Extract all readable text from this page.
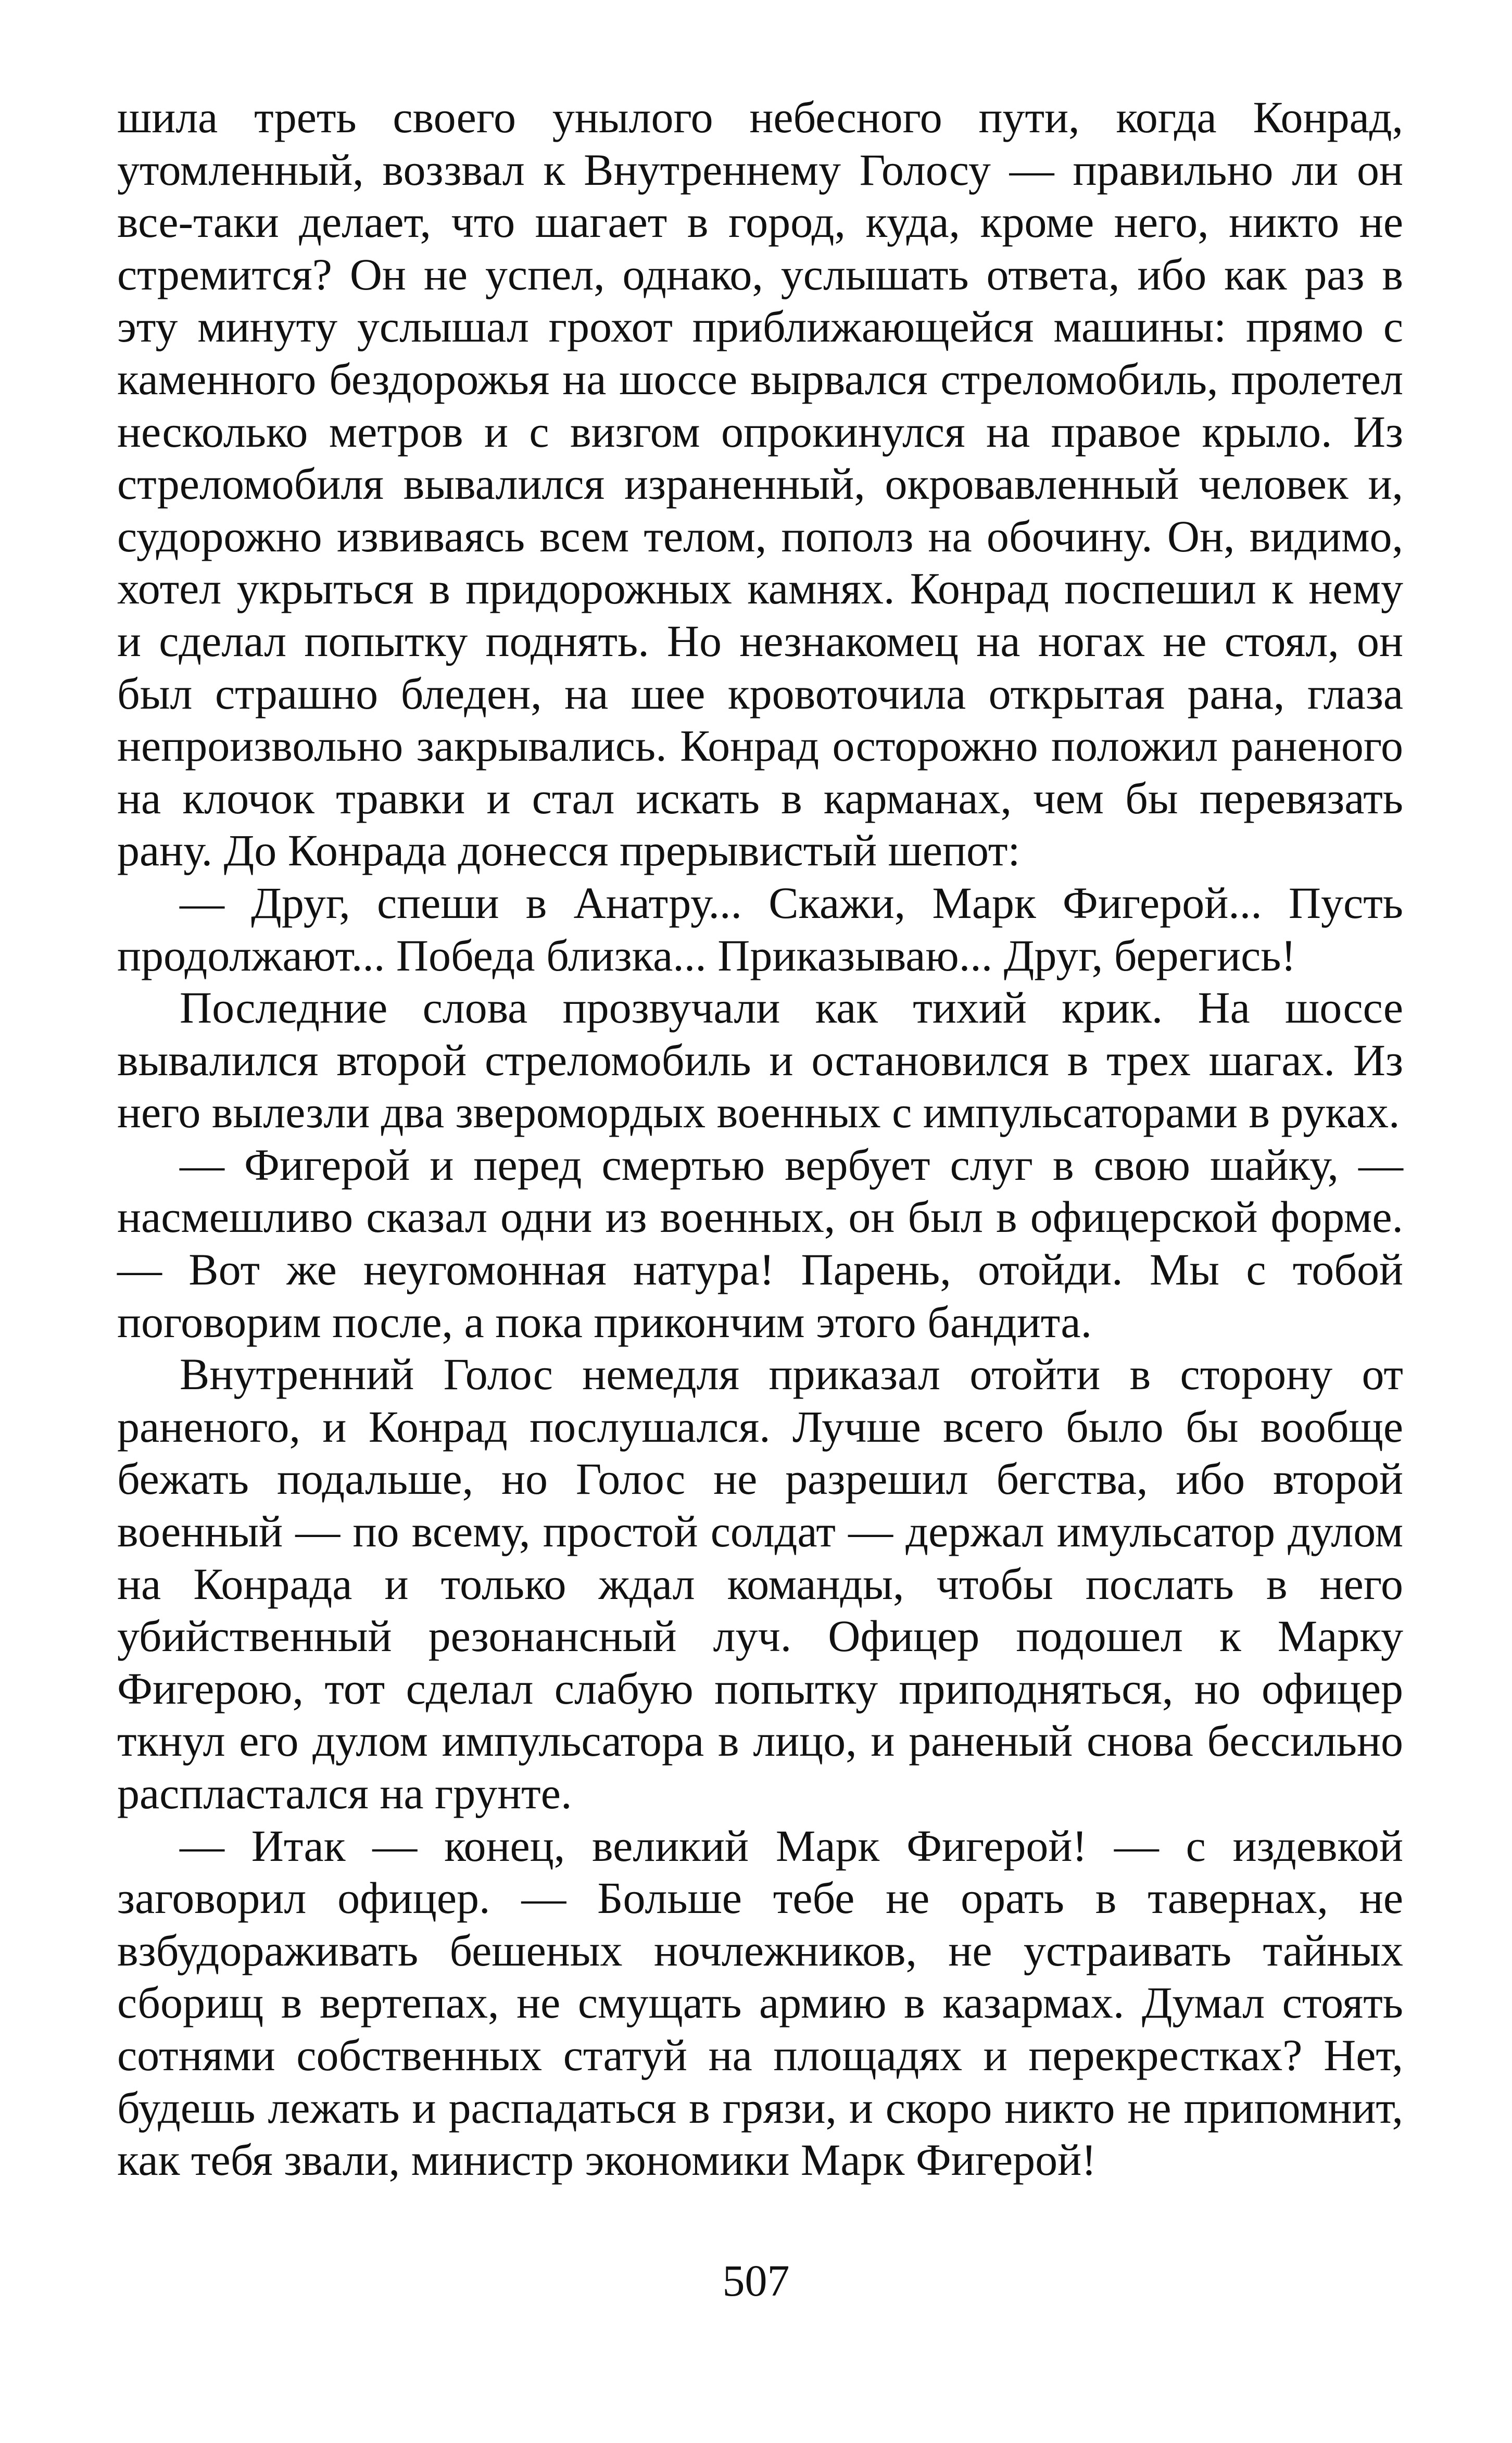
шила треть своего унылого небесного пути, когда Конрад, утомленный, воззвал к Внутреннему Голосу — правильно ли он все-таки делает, что шагает в город, куда, кроме него, никто не стремится? Он не успел, однако, услышать ответа, ибо как раз в эту минуту услышал грохот приближающейся машины: прямо с каменного бездорожья на шоссе вырвался стреломобиль, пролетел несколько метров и с визгом опрокинулся на правое крыло. Из стреломобиля вывалился израненный, окровавленный человек и, судорожно извиваясь всем телом, пополз на обочину. Он, видимо, хотел укрыться в придорожных камнях. Конрад поспешил к нему и сделал попытку поднять. Но незнакомец на ногах не стоял, он был страшно бледен, на шее кровоточила открытая рана, глаза непроизвольно закрывались. Конрад осторожно положил раненого на клочок травки и стал искать в карманах, чем бы перевязать рану. До Конрада донесся прерывистый шепот:

— Друг, спеши в Анатру... Скажи, Марк Фигерой... Пусть продолжают... Победа близка... Приказываю... Друг, берегись!

Последние слова прозвучали как тихий крик. На шоссе вывалился второй стреломобиль и остановился в трех шагах. Из него вылезли два зверомордых военных с импульсаторами в руках.

— Фигерой и перед смертью вербует слуг в свою шайку, — насмешливо сказал одни из военных, он был в офицерской форме. — Вот же неугомонная натура! Парень, отойди. Мы с тобой поговорим после, а пока прикончим этого бандита.

Внутренний Голос немедля приказал отойти в сторону от раненого, и Конрад послушался. Лучше всего было бы вообще бежать подальше, но Голос не разрешил бегства, ибо второй военный — по всему, простой солдат — держал имульсатор дулом на Конрада и только ждал команды, чтобы послать в него убийственный резонансный луч. Офицер подошел к Марку Фигерою, тот сделал слабую попытку приподняться, но офицер ткнул его дулом импульсатора в лицо, и раненый снова бессильно распластался на грунте.

— Итак — конец, великий Марк Фигерой! — с издевкой заговорил офицер. — Больше тебе не орать в тавернах, не взбудораживать бешеных ночлежников, не устраивать тайных сборищ в вертепах, не смущать армию в казармах. Думал стоять сотнями собственных статуй на площадях и перекрестках? Нет, будешь лежать и распадаться в грязи, и скоро никто не припомнит, как тебя звали, министр экономики Марк Фигерой!

507
